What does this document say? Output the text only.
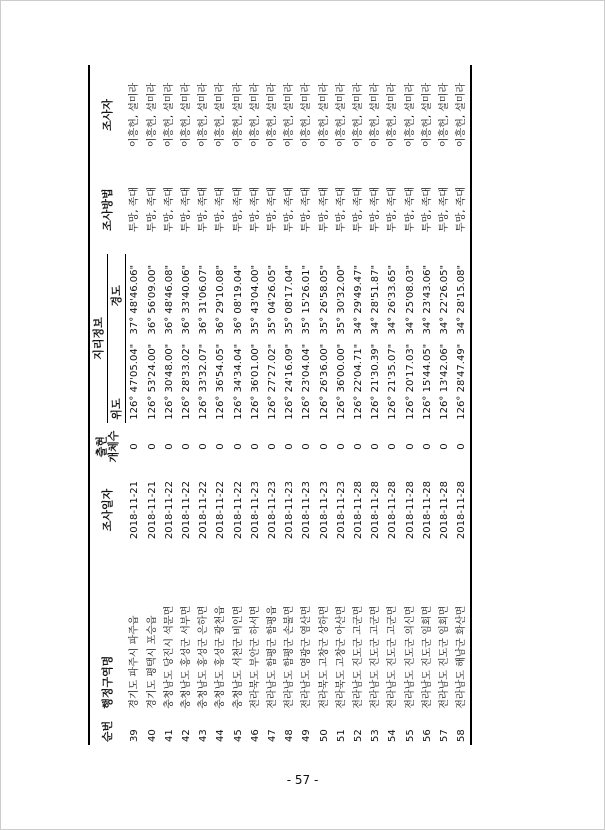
순번	행정구역명	조사일자	출현 개체수	지리정보		조사방법	조사자
				위도	경도		
39	경기도 파주시 파주읍	2018-11-21	0	126° 47'05.04"	37° 48'46.06"	투망, 족대	이흥헌, 설미라
40	경기도 평택시 포승읍	2018-11-21	0	126° 53'24.00"	36° 56'09.00"	투망, 족대	이흥헌, 설미라
41	충청남도 당진시 석문면	2018-11-22	0	126° 30'48.00"	36° 48'46.08"	투망, 족대	이흥헌, 설미라
42	충청남도 홍성군 서부면	2018-11-22	0	126° 28'33.02"	36° 33'40.06"	투망, 족대	이흥헌, 설미라
43	충청남도 홍성군 은하면	2018-11-22	0	126° 33'32.07"	36° 31'06.07"	투망, 족대	이흥헌, 설미라
44	충청남도 홍성군 광천읍	2018-11-22	0	126° 36'54.05"	36° 29'10.08"	투망, 족대	이흥헌, 설미라
45	충청남도 서천군 비인면	2018-11-22	0	126° 34'34.04"	36° 08'19.04"	투망, 족대	이흥헌, 설미라
46	전라북도 부안군 하서면	2018-11-23	0	126° 36'01.00"	35° 43'04.00"	투망, 족대	이흥헌, 설미라
47	전라남도 함평군 함평읍	2018-11-23	0	126° 27'27.02"	35° 04'26.05"	투망, 족대	이흥헌, 설미라
48	전라남도 함평군 손불면	2018-11-23	0	126° 24'16.09"	35° 08'17.04"	투망, 족대	이흥헌, 설미라
49	전라남도 영광군 염산면	2018-11-23	0	126° 23'04.04"	35° 15'26.01"	투망, 족대	이흥헌, 설미라
50	전라북도 고창군 상하면	2018-11-23	0	126° 26'36.00"	35° 26'58.05"	투망, 족대	이흥헌, 설미라
51	전라북도 고창군 아산면	2018-11-23	0	126° 36'00.00"	35° 30'32.00"	투망, 족대	이흥헌, 설미라
52	전라남도 진도군 고군면	2018-11-28	0	126° 22'04.71"	34° 29'49.47"	투망, 족대	이흥헌, 설미라
53	전라남도 진도군 고군면	2018-11-28	0	126° 21'30.39"	34° 28'51.87"	투망, 족대	이흥헌, 설미라
54	전라남도 진도군 고군면	2018-11-28	0	126° 21'35.07"	34° 26'33.65"	투망, 족대	이흥헌, 설미라
55	전라남도 진도군 의신면	2018-11-28	0	126° 20'17.03"	34° 25'08.03"	투망, 족대	이흥헌, 설미라
56	전라남도 진도군 임회면	2018-11-28	0	126° 15'44.05"	34° 23'43.06"	투망, 족대	이흥헌, 설미라
57	전라남도 진도군 임회면	2018-11-28	0	126° 13'42.06"	34° 22'26.05"	투망, 족대	이흥헌, 설미라
58	전라남도 해남군 화산면	2018-11-28	0	126° 28'47.49"	34° 28'15.08"	투망, 족대	이흥헌, 설미라
- 57 -
